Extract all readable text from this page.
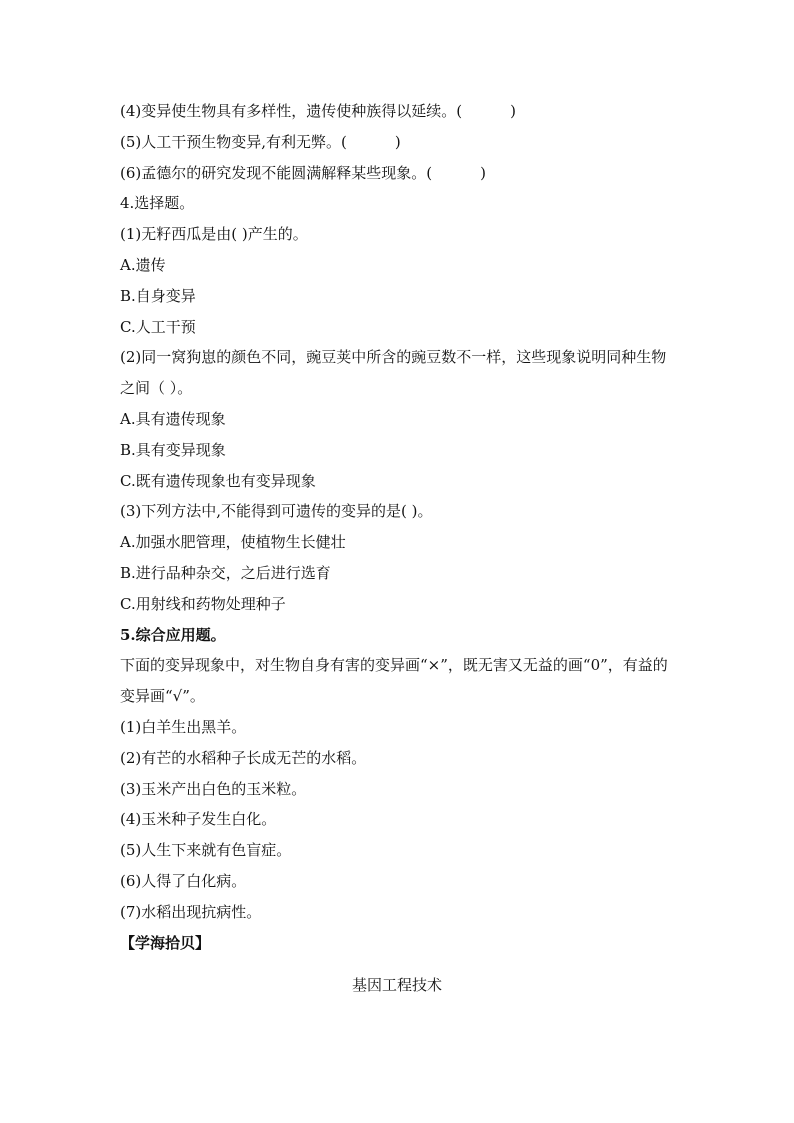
(4)变异使生物具有多样性，遗传使种族得以延续。(	)
(5)人工干预生物变异,有利无弊。(	)
(6)孟德尔的研究发现不能圆满解释某些现象。(	)
4.选择题。
(1)无籽西瓜是由( )产生的。
A.遗传
B.自身变异
C.人工干预
(2)同一窝狗崽的颜色不同，豌豆荚中所含的豌豆数不一样，这些现象说明同种生物之间（ ）。
A.具有遗传现象
B.具有变异现象
C.既有遗传现象也有变异现象
(3)下列方法中,不能得到可遗传的变异的是( )。
A.加强水肥管理，使植物生长健壮
B.进行品种杂交，之后进行选育
C.用射线和药物处理种子
5.综合应用题。
下面的变异现象中，对生物自身有害的变异画“×”，既无害又无益的画“0”，有益的变异画“√”。
(1)白羊生出黑羊。
(2)有芒的水稻种子长成无芒的水稻。
(3)玉米产出白色的玉米粒。
(4)玉米种子发生白化。
(5)人生下来就有色盲症。
(6)人得了白化病。
(7)水稻出现抗病性。
【学海拾贝】
基因工程技术
